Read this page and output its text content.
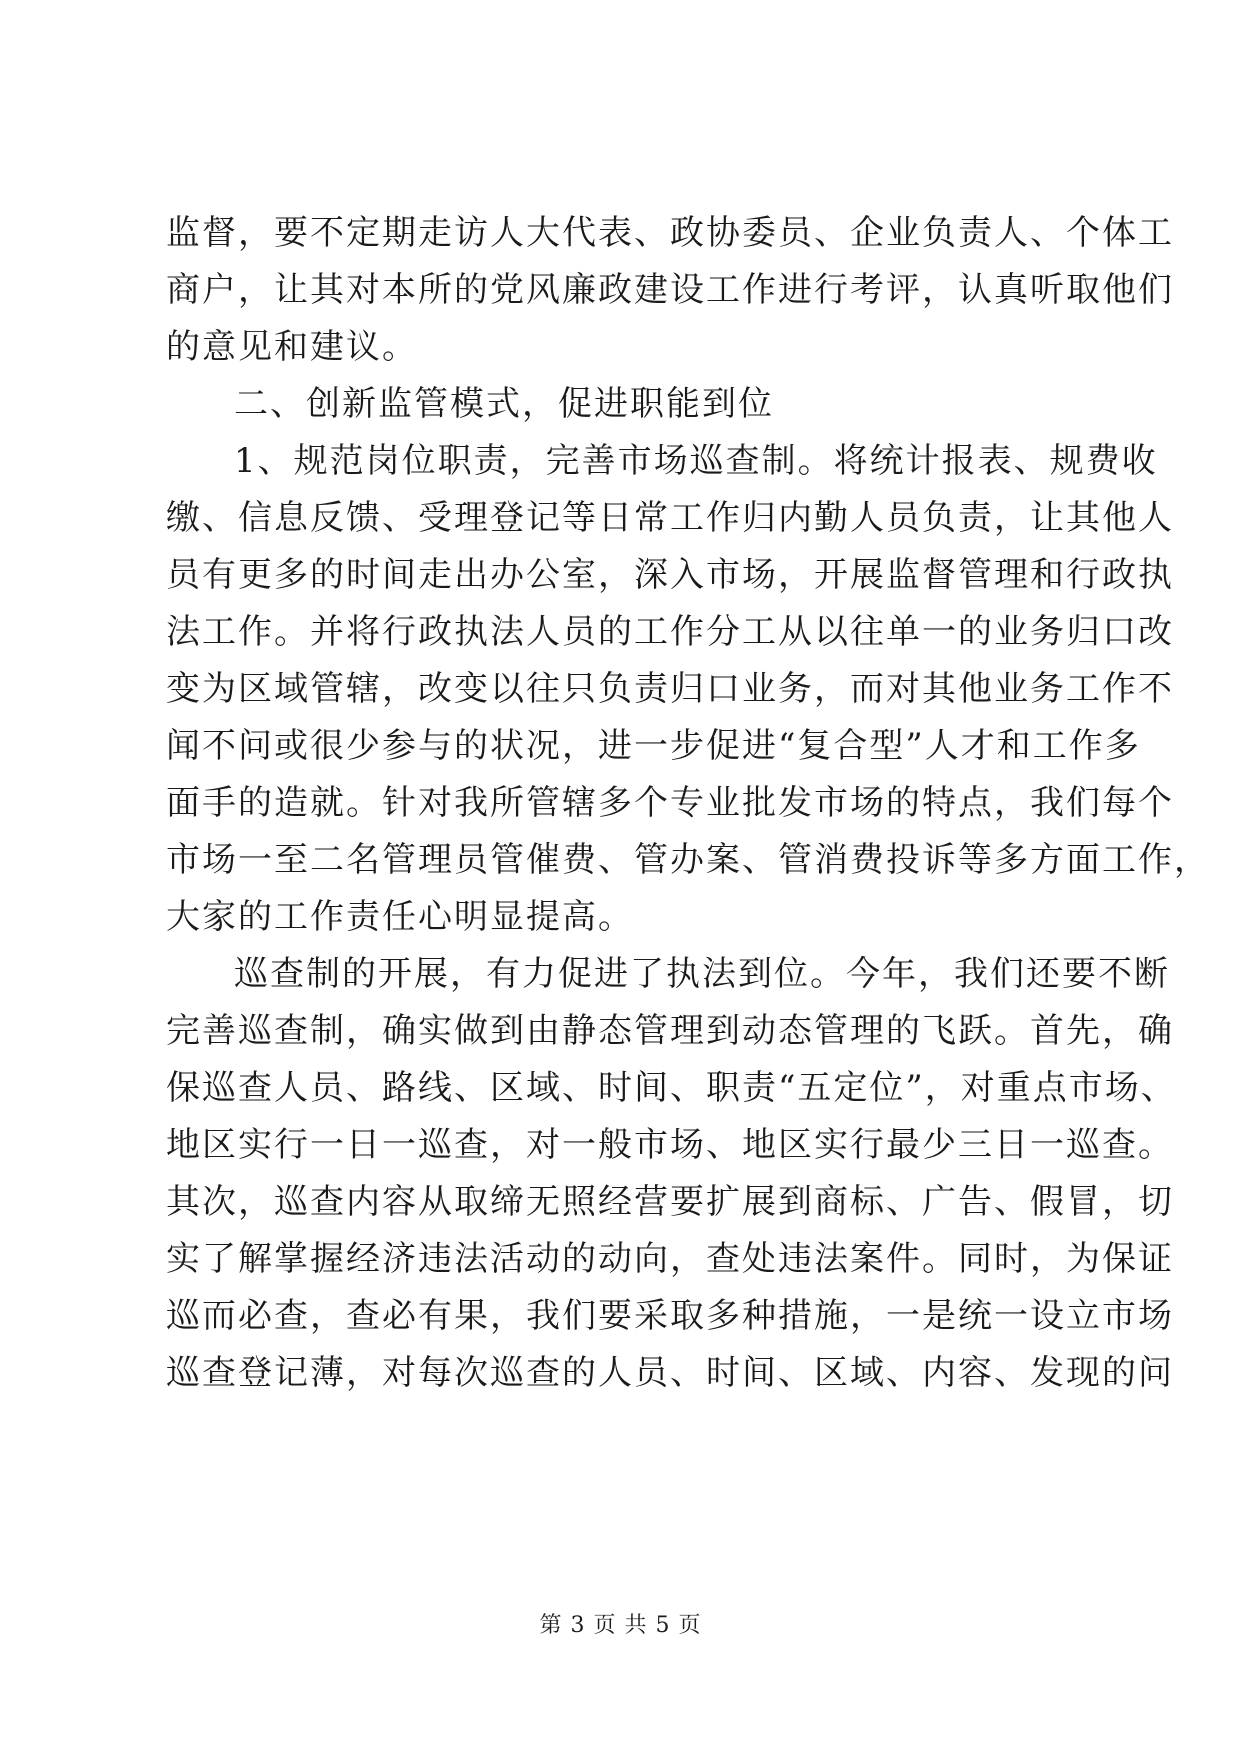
监督，要不定期走访人大代表、政协委员、企业负责人、个体工
商户，让其对本所的党风廉政建设工作进行考评，认真听取他们
的意见和建议。
二、创新监管模式，促进职能到位
1、规范岗位职责，完善市场巡查制。将统计报表、规费收
缴、信息反馈、受理登记等日常工作归内勤人员负责，让其他人
员有更多的时间走出办公室，深入市场，开展监督管理和行政执
法工作。并将行政执法人员的工作分工从以往单一的业务归口改
变为区域管辖，改变以往只负责归口业务，而对其他业务工作不
闻不问或很少参与的状况，进一步促进“复合型”人才和工作多
面手的造就。针对我所管辖多个专业批发市场的特点，我们每个
市场一至二名管理员管催费、管办案、管消费投诉等多方面工作，
大家的工作责任心明显提高。
巡查制的开展，有力促进了执法到位。今年，我们还要不断
完善巡查制，确实做到由静态管理到动态管理的飞跃。首先，确
保巡查人员、路线、区域、时间、职责“五定位”，对重点市场、
地区实行一日一巡查，对一般市场、地区实行最少三日一巡查。
其次，巡查内容从取缔无照经营要扩展到商标、广告、假冒，切
实了解掌握经济违法活动的动向，查处违法案件。同时，为保证
巡而必查，查必有果，我们要采取多种措施，一是统一设立市场
巡查登记薄，对每次巡查的人员、时间、区域、内容、发现的问
第 3 页 共 5 页
